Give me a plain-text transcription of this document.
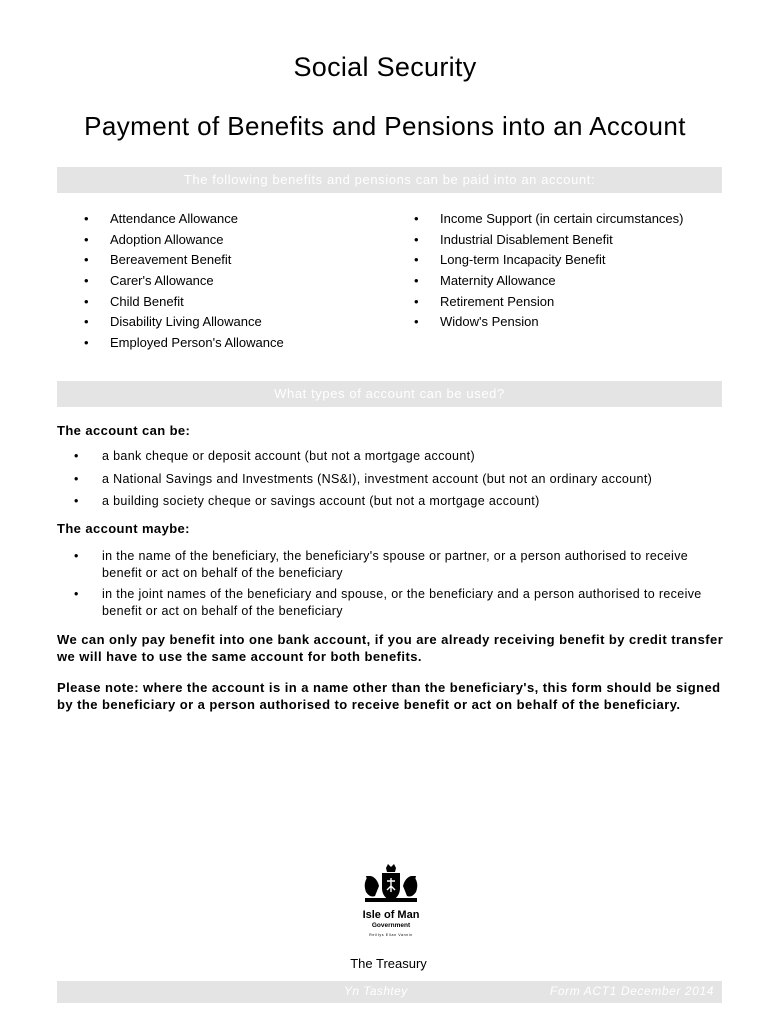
Social Security
Payment of Benefits and Pensions into an Account
The following benefits and pensions can be paid into an account:
• Attendance Allowance
• Adoption Allowance
• Bereavement Benefit
• Carer's Allowance
• Child Benefit
• Disability Living Allowance
• Employed Person's Allowance
• Income Support (in certain circumstances)
• Industrial Disablement Benefit
• Long-term Incapacity Benefit
• Maternity Allowance
• Retirement Pension
• Widow's Pension
What types of account can be used?
The account can be:
• a bank cheque or deposit account (but not a mortgage account)
• a National Savings and Investments (NS&I), investment account (but not an ordinary account)
• a building society cheque or savings account (but not a mortgage account)
The account maybe:
• in the name of the beneficiary, the beneficiary's spouse or partner, or a person authorised to receive benefit or act on behalf of the beneficiary
• in the joint names of the beneficiary and spouse, or the beneficiary and a person authorised to receive benefit or act on behalf of the beneficiary
We can only pay benefit into one bank account, if you are already receiving benefit by credit transfer we will have to use the same account for both benefits.
Please note: where the account is in a name other than the beneficiary's, this form should be signed by the beneficiary or a person authorised to receive benefit or act on behalf of the beneficiary.
Isle of Man
Government
Reiltys Ellan Vannin
The Treasury
Yn Tashtey	Form ACT1 December 2014
